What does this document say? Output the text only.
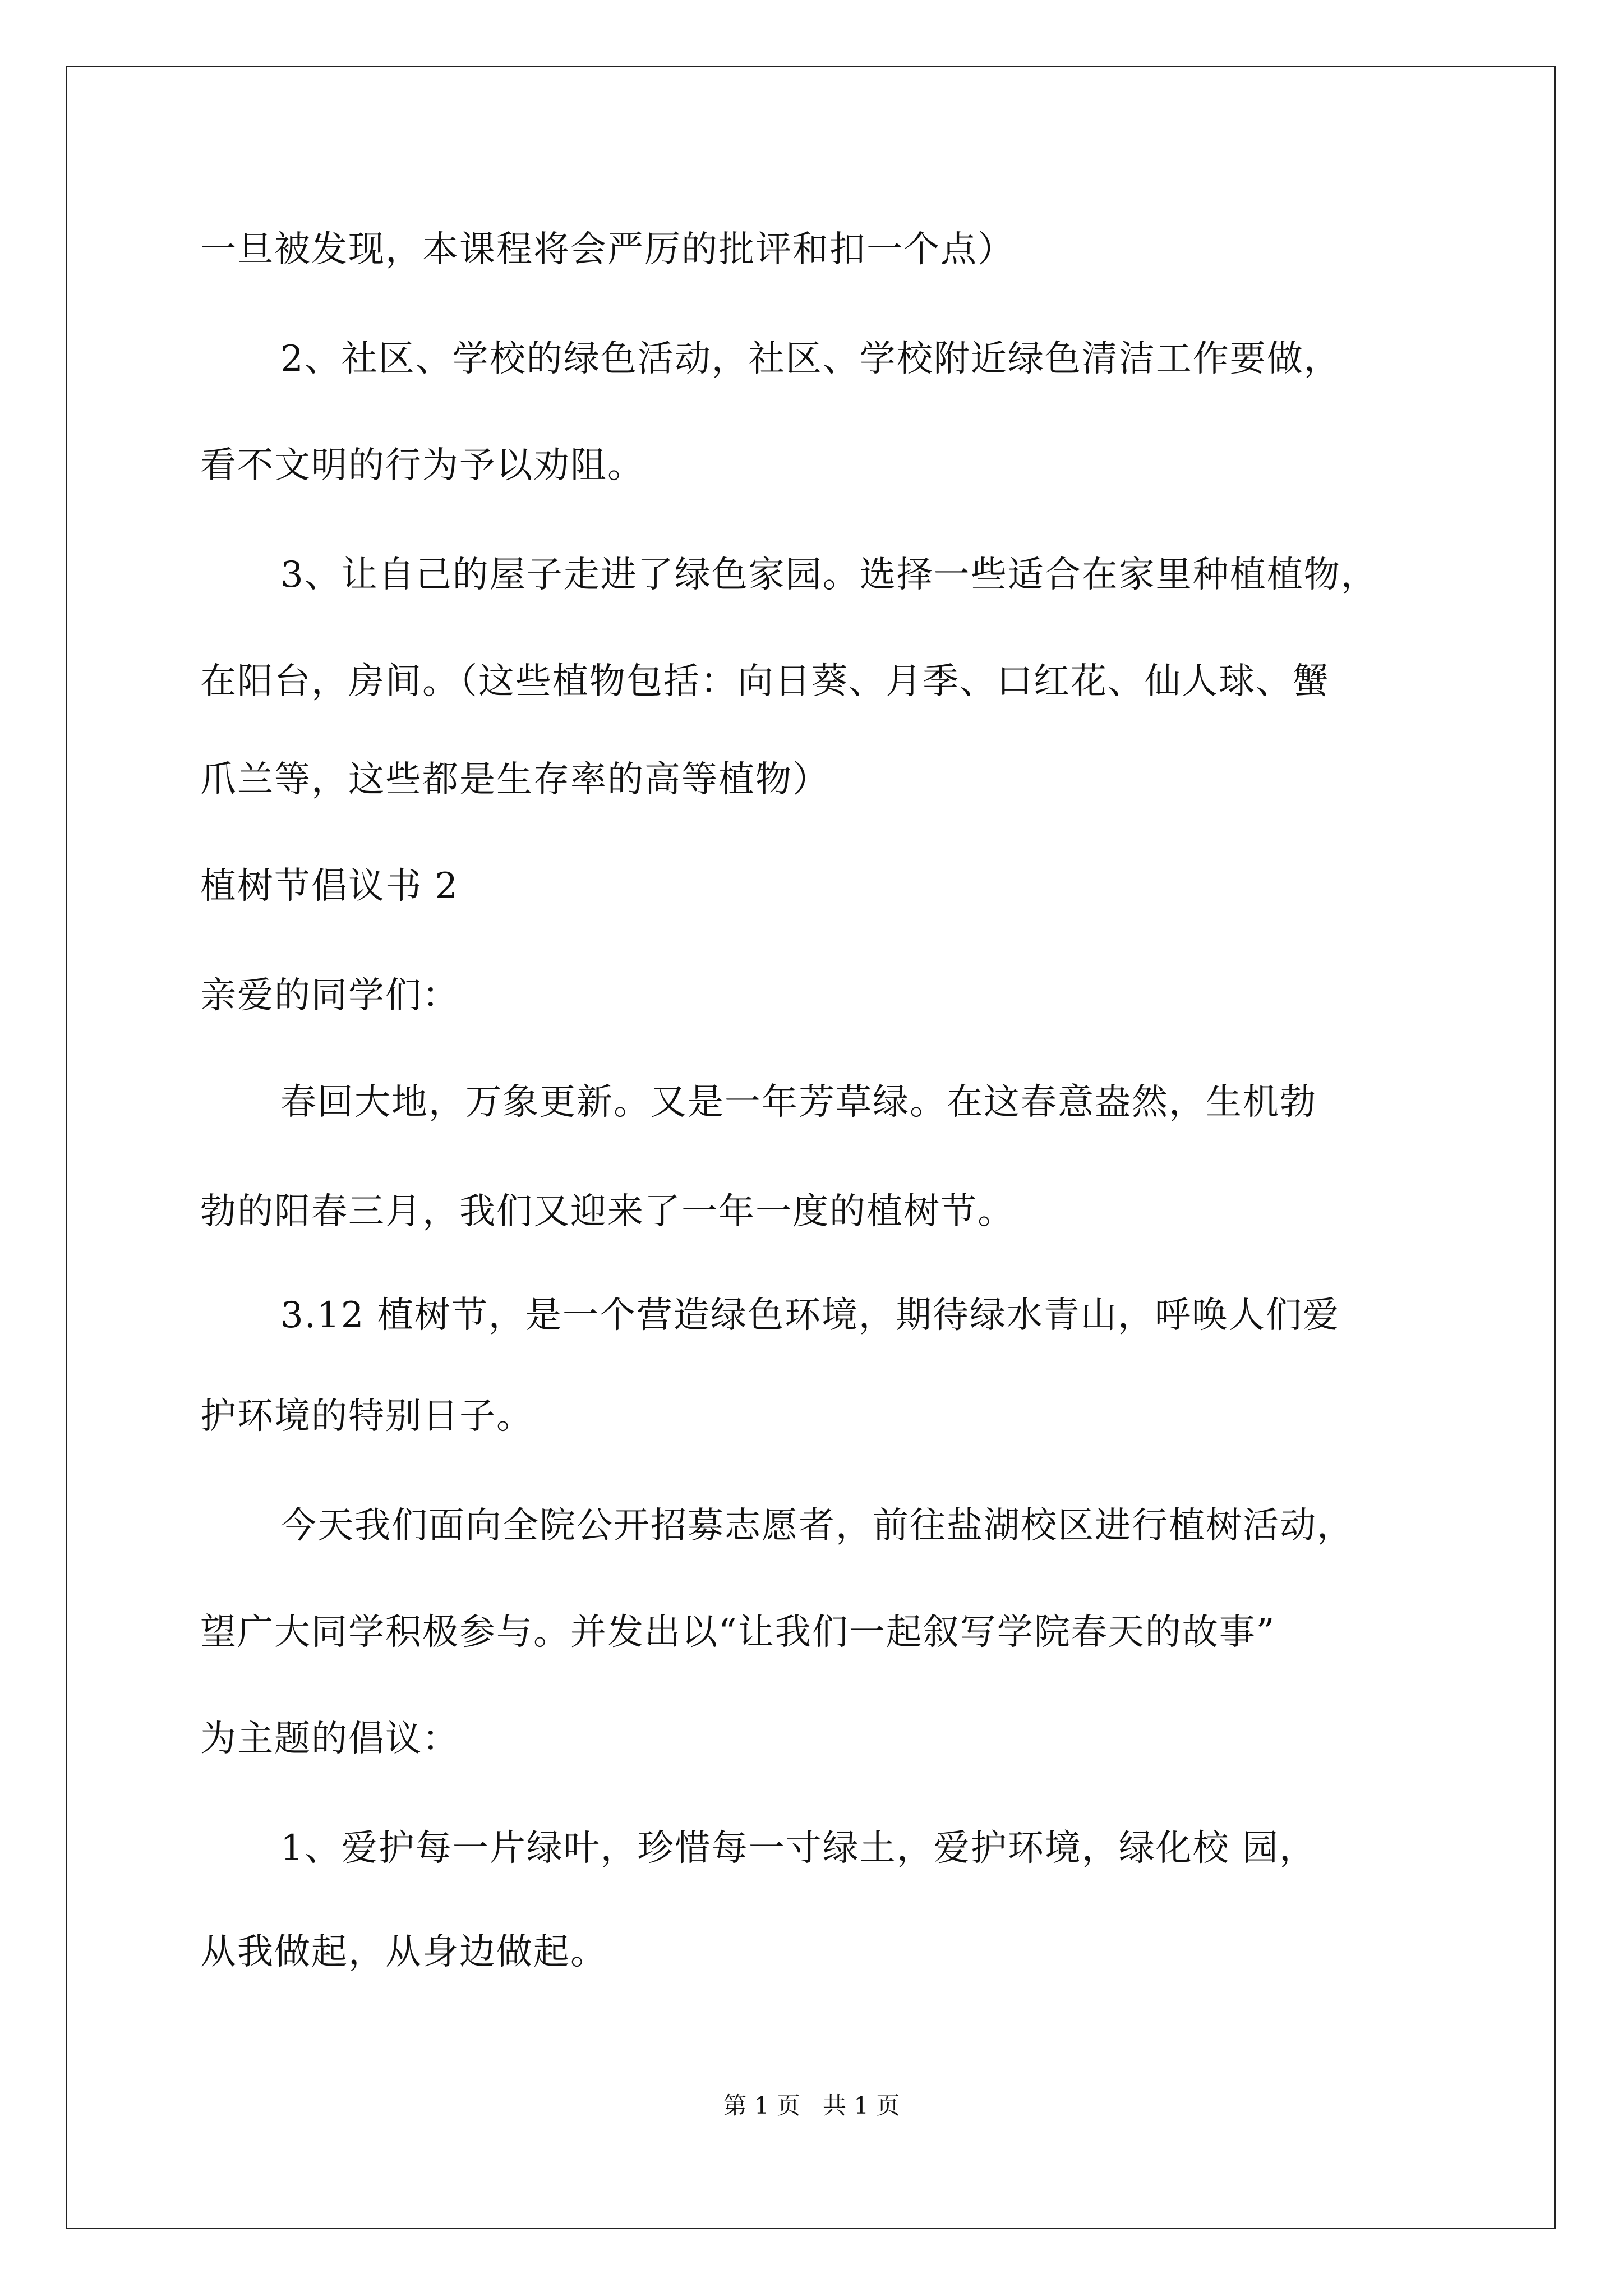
一旦被发现，本课程将会严厉的批评和扣一个点）
2、社区、学校的绿色活动，社区、学校附近绿色清洁工作要做，
看不文明的行为予以劝阻。
3、让自己的屋子走进了绿色家园。选择一些适合在家里种植植物，
在阳台，房间。（这些植物包括：向日葵、月季、口红花、仙人球、蟹
爪兰等，这些都是生存率的高等植物）
植树节倡议书 2
亲爱的同学们：
春回大地，万象更新。又是一年芳草绿。在这春意盎然，生机勃
勃的阳春三月，我们又迎来了一年一度的植树节。
3.12 植树节，是一个营造绿色环境，期待绿水青山，呼唤人们爱
护环境的特别日子。
今天我们面向全院公开招募志愿者，前往盐湖校区进行植树活动，
望广大同学积极参与。并发出以“让我们一起叙写学院春天的故事”
为主题的倡议：
1、爱护每一片绿叶，珍惜每一寸绿土，爱护环境，绿化校 园，
从我做起，从身边做起。
第 1 页   共 1 页
